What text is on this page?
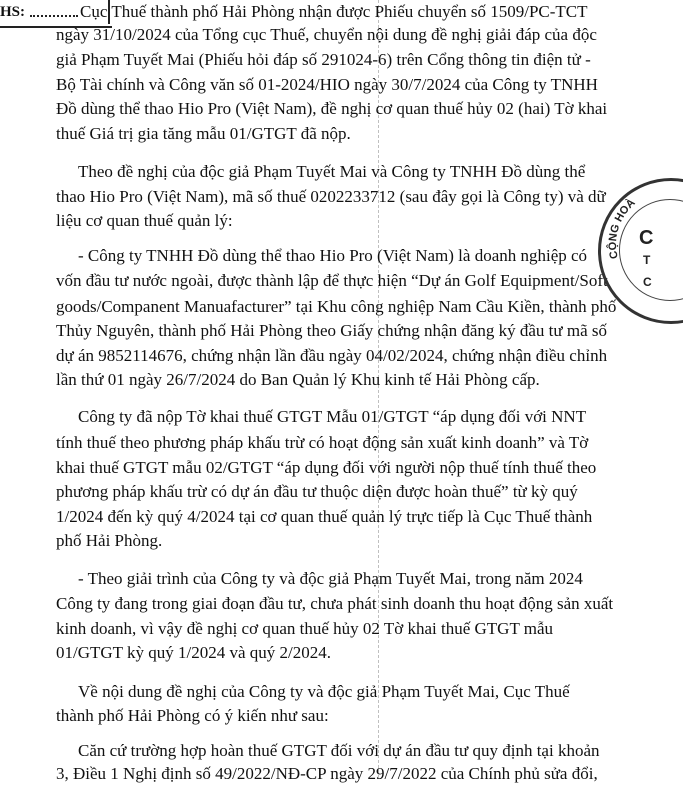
HS:	Cục Thuế thành phố Hải Phòng nhận được Phiếu chuyển số 1509/PC-TCT
ngày 31/10/2024 của Tổng cục Thuế, chuyển nội dung đề nghị giải đáp của độc
giả Phạm Tuyết Mai (Phiếu hỏi đáp số 291024-6) trên Cổng thông tin điện tử -
Bộ Tài chính và Công văn số 01-2024/HIO ngày 30/7/2024 của Công ty TNHH
Đồ dùng thể thao Hio Pro (Việt Nam), đề nghị cơ quan thuế hủy 02 (hai) Tờ khai
thuế Giá trị gia tăng mẫu 01/GTGT đã nộp.
Theo đề nghị của độc giả Phạm Tuyết Mai và Công ty TNHH Đồ dùng thể
thao Hio Pro (Việt Nam), mã số thuế 0202233712 (sau đây gọi là Công ty) và dữ
liệu cơ quan thuế quản lý:
- Công ty TNHH Đồ dùng thể thao Hio Pro (Việt Nam) là doanh nghiệp có
vốn đầu tư nước ngoài, được thành lập để thực hiện “Dự án Golf Equipment/Soft
goods/Companent Manuafacturer” tại Khu công nghiệp Nam Cầu Kiền, thành phố
Thủy Nguyên, thành phố Hải Phòng theo Giấy chứng nhận đăng ký đầu tư mã số
dự án 9852114676, chứng nhận lần đầu ngày 04/02/2024, chứng nhận điều chỉnh
lần thứ 01 ngày 26/7/2024 do Ban Quản lý Khu kinh tế Hải Phòng cấp.
Công ty đã nộp Tờ khai thuế GTGT Mẫu 01/GTGT “áp dụng đối với NNT
tính thuế theo phương pháp khấu trừ có hoạt động sản xuất kinh doanh” và Tờ
khai thuế GTGT mẫu 02/GTGT “áp dụng đối với người nộp thuế tính thuế theo
phương pháp khấu trừ có dự án đầu tư thuộc diện được hoàn thuế” từ kỳ quý
1/2024 đến kỳ quý 4/2024 tại cơ quan thuế quản lý trực tiếp là Cục Thuế thành
phố Hải Phòng.
- Theo giải trình của Công ty và độc giả Phạm Tuyết Mai, trong năm 2024
Công ty đang trong giai đoạn đầu tư, chưa phát sinh doanh thu hoạt động sản xuất
kinh doanh, vì vậy đề nghị cơ quan thuế hủy 02 Tờ khai thuế GTGT mẫu
01/GTGT kỳ quý 1/2024 và quý 2/2024.
Về nội dung đề nghị của Công ty và độc giả Phạm Tuyết Mai, Cục Thuế
thành phố Hải Phòng có ý kiến như sau:
Căn cứ trường hợp hoàn thuế GTGT đối với dự án đầu tư quy định tại khoản
3, Điều 1 Nghị định số 49/2022/NĐ-CP ngày 29/7/2022 của Chính phủ sửa đổi,
CỘNG HOÀ
C
T
C
